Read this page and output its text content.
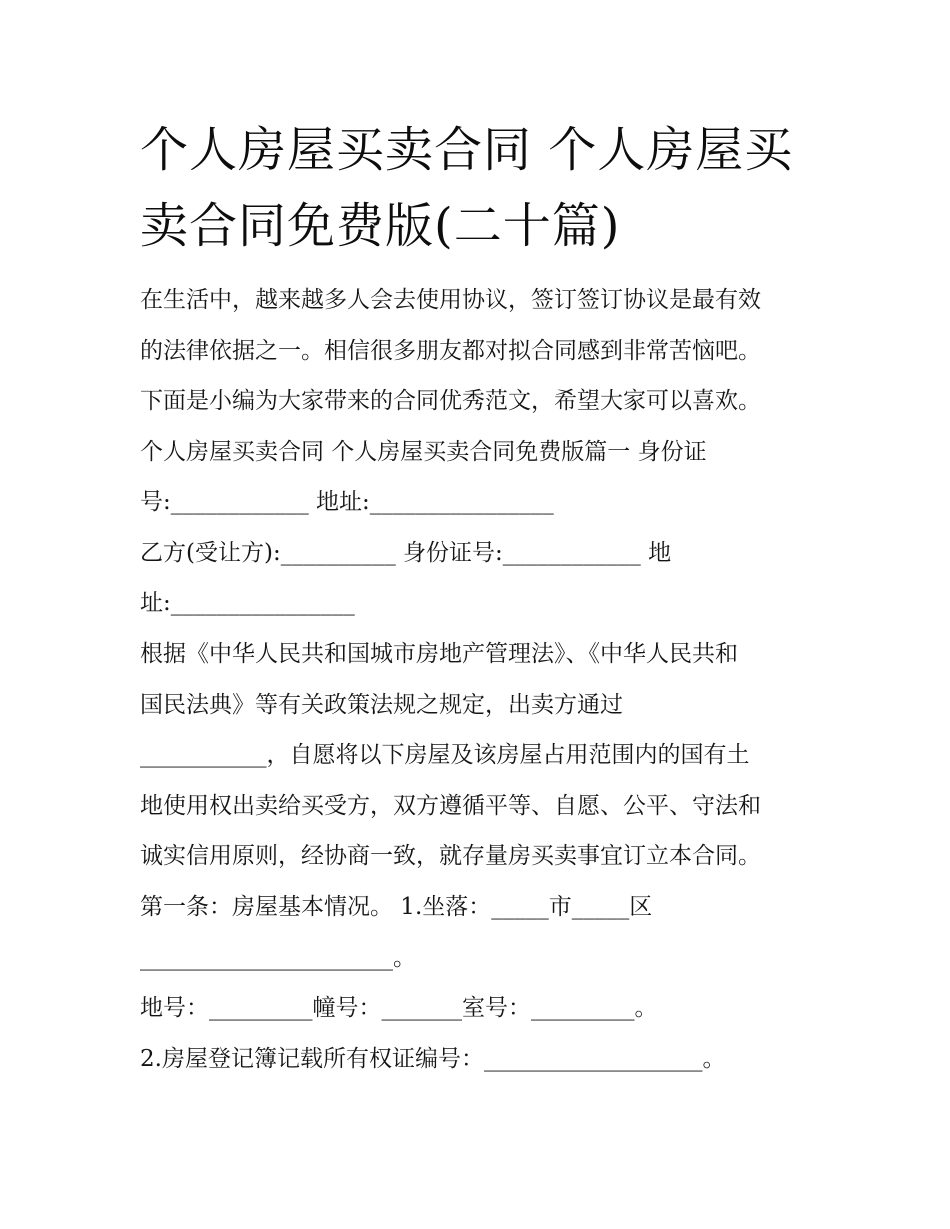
个人房屋买卖合同 个人房屋买
卖合同免费版(二十篇)

在生活中，越来越多人会去使用协议，签订签订协议是最有效

的法律依据之一。相信很多朋友都对拟合同感到非常苦恼吧。

下面是小编为大家带来的合同优秀范文，希望大家可以喜欢。

个人房屋买卖合同 个人房屋买卖合同免费版篇一 身份证

号:____________ 地址:________________

乙方(受让方):__________ 身份证号:____________ 地

址:________________

根据《中华人民共和国城市房地产管理法》、《中华人民共和

国民法典》等有关政策法规之规定，出卖方通过

___________，自愿将以下房屋及该房屋占用范围内的国有土

地使用权出卖给买受方，双方遵循平等、自愿、公平、守法和

诚实信用原则，经协商一致，就存量房买卖事宜订立本合同。

第一条：房屋基本情况。 1.坐落：_____市_____区

______________________。

地号：_________幢号：_______室号：_________。

2.房屋登记簿记载所有权证编号：___________________。
